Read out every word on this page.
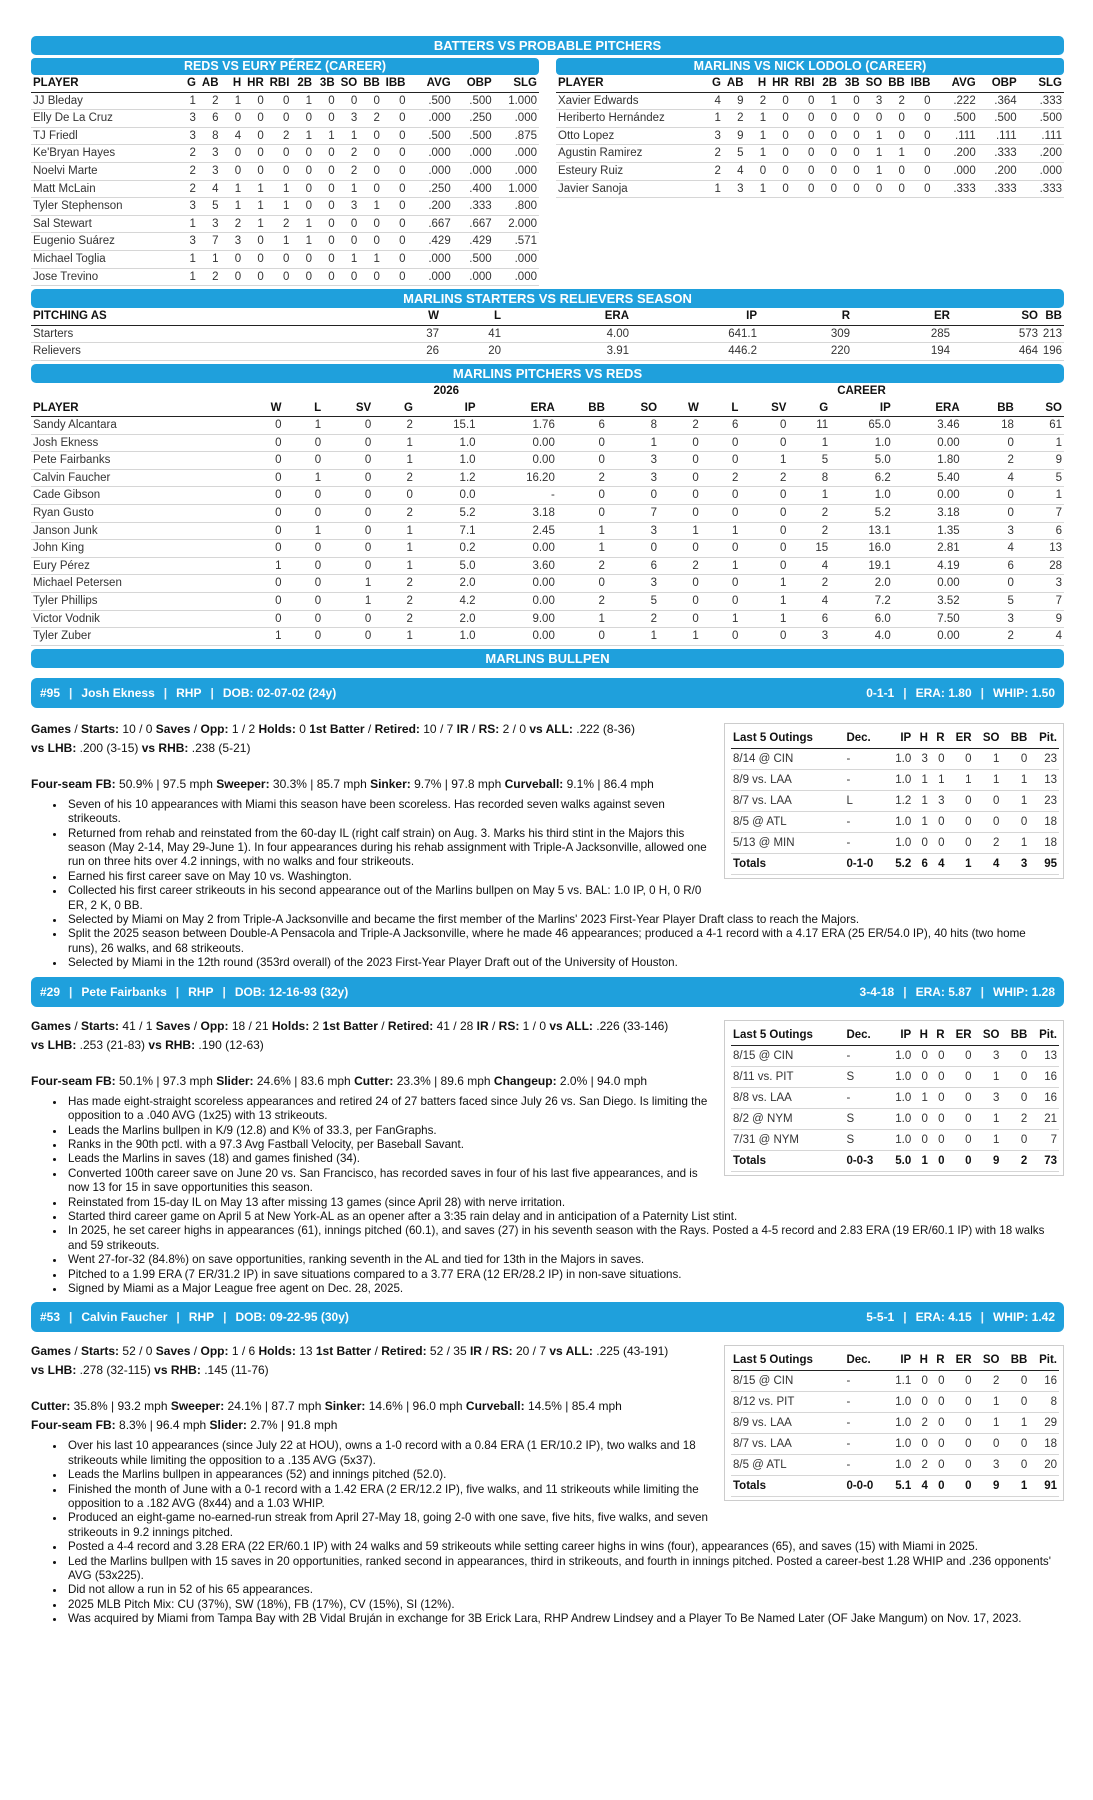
BATTERS VS PROBABLE PITCHERS
REDS VS EURY PÉREZ (CAREER)
PLAYER	G	AB	H	HR	RBI	2B	3B	SO	BB	IBB	AVG	OBP	SLG
JJ Bleday	1	2	1	0	0	1	0	0	0	0	.500	.500	1.000
Elly De La Cruz	3	6	0	0	0	0	0	3	2	0	.000	.250	.000
TJ Friedl	3	8	4	0	2	1	1	1	0	0	.500	.500	.875
Ke'Bryan Hayes	2	3	0	0	0	0	0	2	0	0	.000	.000	.000
Noelvi Marte	2	3	0	0	0	0	0	2	0	0	.000	.000	.000
Matt McLain	2	4	1	1	1	0	0	1	0	0	.250	.400	1.000
Tyler Stephenson	3	5	1	1	1	0	0	3	1	0	.200	.333	.800
Sal Stewart	1	3	2	1	2	1	0	0	0	0	.667	.667	2.000
Eugenio Suárez	3	7	3	0	1	1	0	0	0	0	.429	.429	.571
Michael Toglia	1	1	0	0	0	0	0	1	1	0	.000	.500	.000
Jose Trevino	1	2	0	0	0	0	0	0	0	0	.000	.000	.000
MARLINS VS NICK LODOLO (CAREER)
PLAYER	G	AB	H	HR	RBI	2B	3B	SO	BB	IBB	AVG	OBP	SLG
Xavier Edwards	4	9	2	0	0	1	0	3	2	0	.222	.364	.333
Heriberto Hernández	1	2	1	0	0	0	0	0	0	0	.500	.500	.500
Otto Lopez	3	9	1	0	0	0	0	1	0	0	.111	.111	.111
Agustin Ramirez	2	5	1	0	0	0	0	1	1	0	.200	.333	.200
Esteury Ruiz	2	4	0	0	0	0	0	1	0	0	.000	.200	.000
Javier Sanoja	1	3	1	0	0	0	0	0	0	0	.333	.333	.333
MARLINS STARTERS VS RELIEVERS SEASON
PITCHING AS	W	L	ERA	IP	R	ER	SO	BB
Starters	37	41	4.00	641.1	309	285	573	213
Relievers	26	20	3.91	446.2	220	194	464	196
MARLINS PITCHERS VS REDS
					2026								CAREER			
PLAYER	W	L	SV	G	IP	ERA	BB	SO	W	L	SV	G	IP	ERA	BB	SO
Sandy Alcantara	0	1	0	2	15.1	1.76	6	8	2	6	0	11	65.0	3.46	18	61
Josh Ekness	0	0	0	1	1.0	0.00	0	1	0	0	0	1	1.0	0.00	0	1
Pete Fairbanks	0	0	0	1	1.0	0.00	0	3	0	0	1	5	5.0	1.80	2	9
Calvin Faucher	0	1	0	2	1.2	16.20	2	3	0	2	2	8	6.2	5.40	4	5
Cade Gibson	0	0	0	0	0.0	-	0	0	0	0	0	1	1.0	0.00	0	1
Ryan Gusto	0	0	0	2	5.2	3.18	0	7	0	0	0	2	5.2	3.18	0	7
Janson Junk	0	1	0	1	7.1	2.45	1	3	1	1	0	2	13.1	1.35	3	6
John King	0	0	0	1	0.2	0.00	1	0	0	0	0	15	16.0	2.81	4	13
Eury Pérez	1	0	0	1	5.0	3.60	2	6	2	1	0	4	19.1	4.19	6	28
Michael Petersen	0	0	1	2	2.0	0.00	0	3	0	0	1	2	2.0	0.00	0	3
Tyler Phillips	0	0	1	2	4.2	0.00	2	5	0	0	1	4	7.2	3.52	5	7
Victor Vodnik	0	0	0	2	2.0	9.00	1	2	0	1	1	6	6.0	7.50	3	9
Tyler Zuber	1	0	0	1	1.0	0.00	0	1	1	0	0	3	4.0	0.00	2	4
MARLINS BULLPEN
#95 | Josh Ekness | RHP | DOB: 02-07-02 (24y)	0-1-1 | ERA: 1.80 | WHIP: 1.50
Last 5 Outings	Dec.	IP	H	R	ER	SO	BB	Pit.
8/14 @ CIN	-	1.0	3	0	0	1	0	23
8/9 vs. LAA	-	1.0	1	1	1	1	1	13
8/7 vs. LAA	L	1.2	1	3	0	0	1	23
8/5 @ ATL	-	1.0	1	0	0	0	0	18
5/13 @ MIN	-	1.0	0	0	0	2	1	18
Totals	0-1-0	5.2	6	4	1	4	3	95
Games / Starts: 10 / 0 Saves / Opp: 1 / 2 Holds: 0 1st Batter / Retired: 10 / 7 IR / RS: 2 / 0 vs ALL: .222 (8-36)
vs LHB: .200 (3-15) vs RHB: .238 (5-21)
Four-seam FB: 50.9% | 97.5 mph Sweeper: 30.3% | 85.7 mph Sinker: 9.7% | 97.8 mph Curveball: 9.1% | 86.4 mph
• Seven of his 10 appearances with Miami this season have been scoreless. Has recorded seven walks against seven strikeouts.
• Returned from rehab and reinstated from the 60-day IL (right calf strain) on Aug. 3. Marks his third stint in the Majors this season (May 2-14, May 29-June 1). In four appearances during his rehab assignment with Triple-A Jacksonville, allowed one run on three hits over 4.2 innings, with no walks and four strikeouts.
• Earned his first career save on May 10 vs. Washington.
• Collected his first career strikeouts in his second appearance out of the Marlins bullpen on May 5 vs. BAL: 1.0 IP, 0 H, 0 R/0 ER, 2 K, 0 BB.
• Selected by Miami on May 2 from Triple-A Jacksonville and became the first member of the Marlins' 2023 First-Year Player Draft class to reach the Majors.
• Split the 2025 season between Double-A Pensacola and Triple-A Jacksonville, where he made 46 appearances; produced a 4-1 record with a 4.17 ERA (25 ER/54.0 IP), 40 hits (two home runs), 26 walks, and 68 strikeouts.
• Selected by Miami in the 12th round (353rd overall) of the 2023 First-Year Player Draft out of the University of Houston.
#29 | Pete Fairbanks | RHP | DOB: 12-16-93 (32y)	3-4-18 | ERA: 5.87 | WHIP: 1.28
Last 5 Outings	Dec.	IP	H	R	ER	SO	BB	Pit.
8/15 @ CIN	-	1.0	0	0	0	3	0	13
8/11 vs. PIT	S	1.0	0	0	0	1	0	16
8/8 vs. LAA	-	1.0	1	0	0	3	0	16
8/2 @ NYM	S	1.0	0	0	0	1	2	21
7/31 @ NYM	S	1.0	0	0	0	1	0	7
Totals	0-0-3	5.0	1	0	0	9	2	73
Games / Starts: 41 / 1 Saves / Opp: 18 / 21 Holds: 2 1st Batter / Retired: 41 / 28 IR / RS: 1 / 0 vs ALL: .226 (33-146)
vs LHB: .253 (21-83) vs RHB: .190 (12-63)
Four-seam FB: 50.1% | 97.3 mph Slider: 24.6% | 83.6 mph Cutter: 23.3% | 89.6 mph Changeup: 2.0% | 94.0 mph
• Has made eight-straight scoreless appearances and retired 24 of 27 batters faced since July 26 vs. San Diego. Is limiting the opposition to a .040 AVG (1x25) with 13 strikeouts.
• Leads the Marlins bullpen in K/9 (12.8) and K% of 33.3, per FanGraphs.
• Ranks in the 90th pctl. with a 97.3 Avg Fastball Velocity, per Baseball Savant.
• Leads the Marlins in saves (18) and games finished (34).
• Converted 100th career save on June 20 vs. San Francisco, has recorded saves in four of his last five appearances, and is now 13 for 15 in save opportunities this season.
• Reinstated from 15-day IL on May 13 after missing 13 games (since April 28) with nerve irritation.
• Started third career game on April 5 at New York-AL as an opener after a 3:35 rain delay and in anticipation of a Paternity List stint.
• In 2025, he set career highs in appearances (61), innings pitched (60.1), and saves (27) in his seventh season with the Rays. Posted a 4-5 record and 2.83 ERA (19 ER/60.1 IP) with 18 walks and 59 strikeouts.
• Went 27-for-32 (84.8%) on save opportunities, ranking seventh in the AL and tied for 13th in the Majors in saves.
• Pitched to a 1.99 ERA (7 ER/31.2 IP) in save situations compared to a 3.77 ERA (12 ER/28.2 IP) in non-save situations.
• Signed by Miami as a Major League free agent on Dec. 28, 2025.
#53 | Calvin Faucher | RHP | DOB: 09-22-95 (30y)	5-5-1 | ERA: 4.15 | WHIP: 1.42
Last 5 Outings	Dec.	IP	H	R	ER	SO	BB	Pit.
8/15 @ CIN	-	1.1	0	0	0	2	0	16
8/12 vs. PIT	-	1.0	0	0	0	1	0	8
8/9 vs. LAA	-	1.0	2	0	0	1	1	29
8/7 vs. LAA	-	1.0	0	0	0	0	0	18
8/5 @ ATL	-	1.0	2	0	0	3	0	20
Totals	0-0-0	5.1	4	0	0	9	1	91
Games / Starts: 52 / 0 Saves / Opp: 1 / 6 Holds: 13 1st Batter / Retired: 52 / 35 IR / RS: 20 / 7 vs ALL: .225 (43-191)
vs LHB: .278 (32-115) vs RHB: .145 (11-76)
Cutter: 35.8% | 93.2 mph Sweeper: 24.1% | 87.7 mph Sinker: 14.6% | 96.0 mph Curveball: 14.5% | 85.4 mph
Four-seam FB: 8.3% | 96.4 mph Slider: 2.7% | 91.8 mph
• Over his last 10 appearances (since July 22 at HOU), owns a 1-0 record with a 0.84 ERA (1 ER/10.2 IP), two walks and 18 strikeouts while limiting the opposition to a .135 AVG (5x37).
• Leads the Marlins bullpen in appearances (52) and innings pitched (52.0).
• Finished the month of June with a 0-1 record with a 1.42 ERA (2 ER/12.2 IP), five walks, and 11 strikeouts while limiting the opposition to a .182 AVG (8x44) and a 1.03 WHIP.
• Produced an eight-game no-earned-run streak from April 27-May 18, going 2-0 with one save, five hits, five walks, and seven strikeouts in 9.2 innings pitched.
• Posted a 4-4 record and 3.28 ERA (22 ER/60.1 IP) with 24 walks and 59 strikeouts while setting career highs in wins (four), appearances (65), and saves (15) with Miami in 2025.
• Led the Marlins bullpen with 15 saves in 20 opportunities, ranked second in appearances, third in strikeouts, and fourth in innings pitched. Posted a career-best 1.28 WHIP and .236 opponents' AVG (53x225).
• Did not allow a run in 52 of his 65 appearances.
• 2025 MLB Pitch Mix: CU (37%), SW (18%), FB (17%), CV (15%), SI (12%).
• Was acquired by Miami from Tampa Bay with 2B Vidal Bruján in exchange for 3B Erick Lara, RHP Andrew Lindsey and a Player To Be Named Later (OF Jake Mangum) on Nov. 17, 2023.
